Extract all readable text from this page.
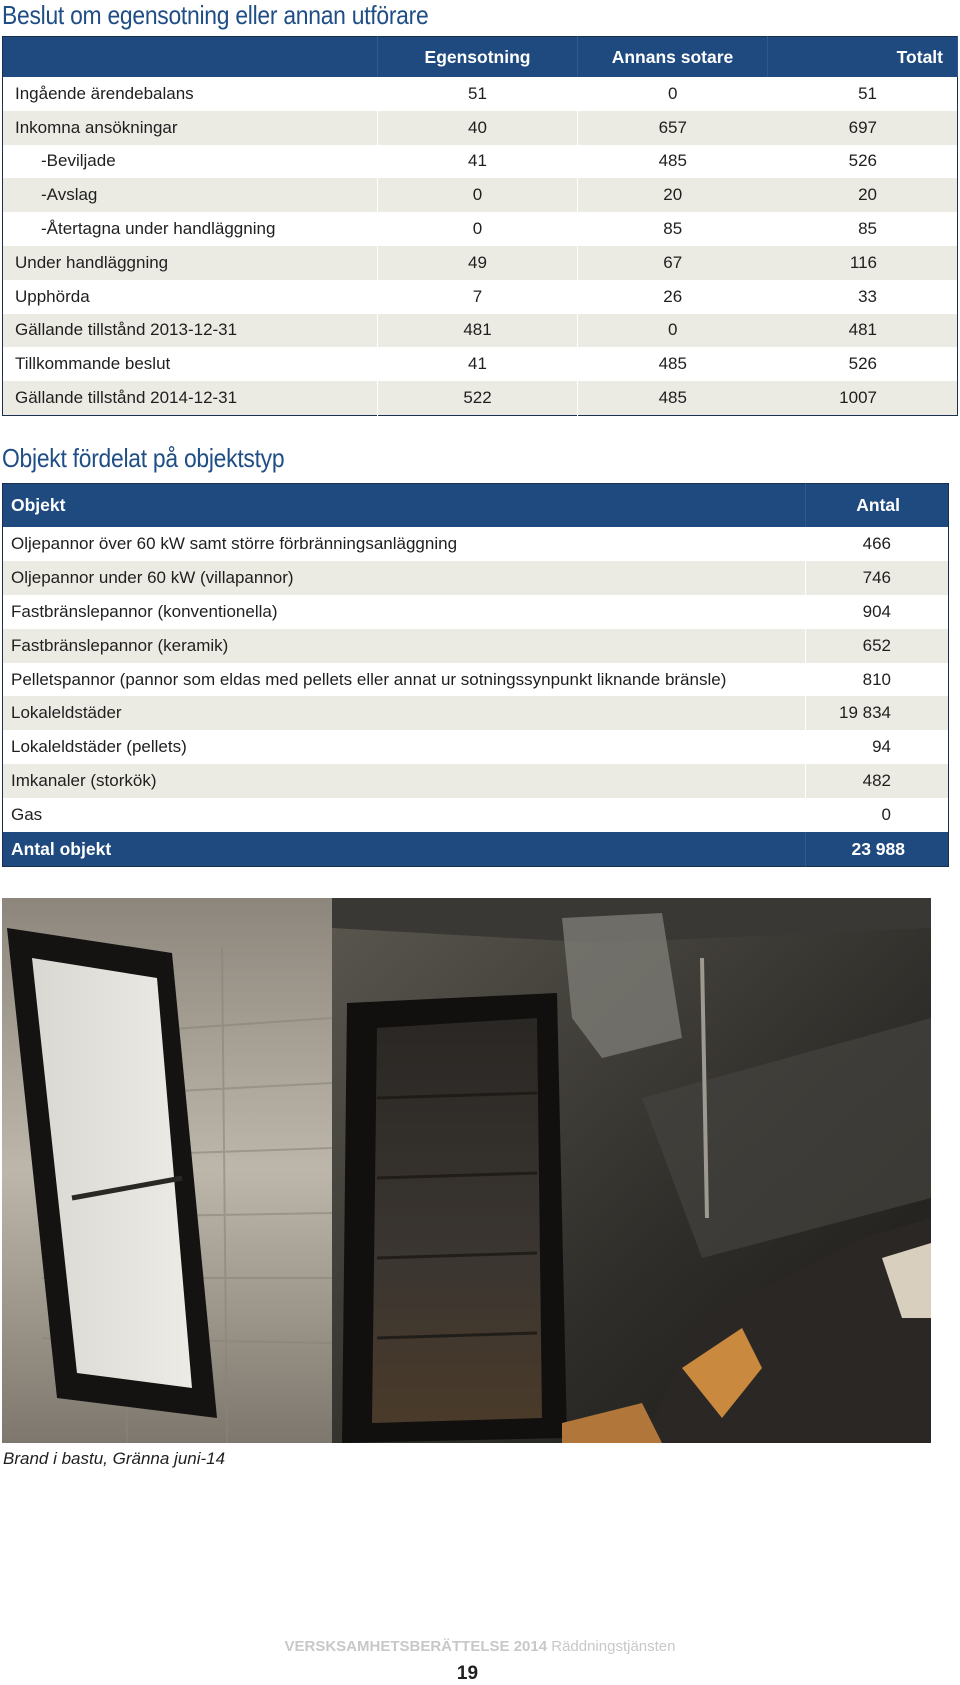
Beslut om egensotning eller annan utförare
	Egensotning	Annans sotare	Totalt
Ingående ärendebalans	51	0	51
Inkomna ansökningar	40	657	697
-Beviljade	41	485	526
-Avslag	0	20	20
-Återtagna under handläggning	0	85	85
Under handläggning	49	67	116
Upphörda	7	26	33
Gällande tillstånd 2013-12-31	481	0	481
Tillkommande beslut	41	485	526
Gällande tillstånd 2014-12-31	522	485	1007
Objekt fördelat på objektstyp
Objekt	Antal
Oljepannor över 60 kW samt större förbränningsanläggning	466
Oljepannor under 60 kW (villapannor)	746
Fastbränslepannor (konventionella)	904
Fastbränslepannor (keramik)	652
Pelletspannor (pannor som eldas med pellets eller annat ur sotningssynpunkt liknande bränsle)	810
Lokaleldstäder	19 834
Lokaleldstäder (pellets)	94
Imkanaler (storkök)	482
Gas	0
Antal objekt	23 988
Brand i bastu, Gränna juni-14
VERSKSAMHETSBERÄTTELSE 2014 Räddningstjänsten
19
